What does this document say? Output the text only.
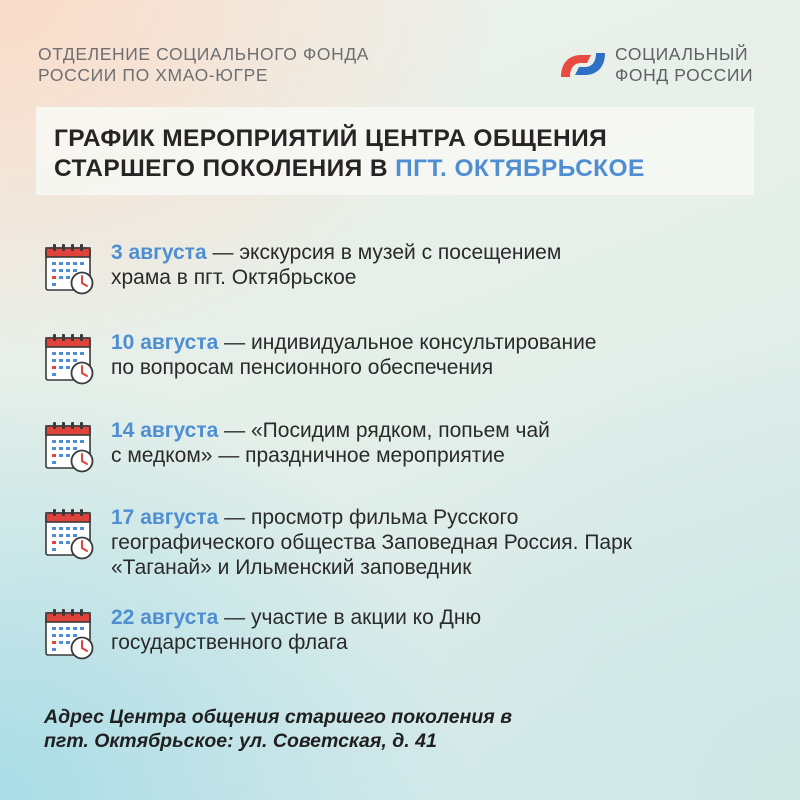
ОТДЕЛЕНИЕ СОЦИАЛЬНОГО ФОНДА
РОССИИ ПО ХМАО-ЮГРЕ
СОЦИАЛЬНЫЙ
ФОНД РОССИИ
ГРАФИК МЕРОПРИЯТИЙ ЦЕНТРА ОБЩЕНИЯ
СТАРШЕГО ПОКОЛЕНИЯ В ПГТ. ОКТЯБРЬСКОЕ
3 августа — экскурсия в музей с посещением
храма в пгт. Октябрьское
10 августа — индивидуальное консультирование
по вопросам пенсионного обеспечения
14 августа — «Посидим рядком, попьем чай
с медком» — праздничное мероприятие
17 августа — просмотр фильма Русского
географического общества Заповедная Россия. Парк
«Таганай» и Ильменский заповедник
22 августа — участие в акции ко Дню
государственного флага
Адрес Центра общения старшего поколения в
пгт. Октябрьское: ул. Советская, д. 41
